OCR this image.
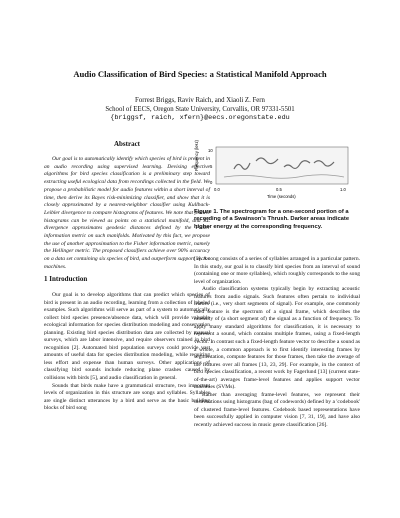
Audio Classification of Bird Species: a Statistical Manifold Approach
Forrest Briggs, Raviv Raich, and Xiaoli Z. Fern
School of EECS, Oregon State University, Corvallis, OR 97331-5501
{briggsf, raich, xfern}@eecs.oregonstate.edu
Abstract

Our goal is to automatically identify which species of bird is present in an audio recording using supervised learning. Devising effective algorithms for bird species classification is a preliminary step toward extracting useful ecological data from recordings collected in the field. We propose a probabilistic model for audio features within a short interval of time, then derive its Bayes risk-minimizing classifier, and show that it is closely approximated by a nearest-neighbor classifier using Kullback-Leibler divergence to compare histograms of features. We note that feature histograms can be viewed as points on a statistical manifold, and KL divergence approximates geodesic distances defined by the Fisher information metric on such manifolds. Motivated by this fact, we propose the use of another approximation to the Fisher information metric, namely the Hellinger metric. The proposed classifiers achieve over 90% accuracy on a data set containing six species of bird, and outperform support vector machines.

1 Introduction

Our goal is to develop algorithms that can predict which species of bird is present in an audio recording, learning from a collection of labeled examples. Such algorithms will serve as part of a system to automatically collect bird species presence/absence data, which will provide valuable ecological information for species distribution modeling and conservation planning. Existing bird species distribution data are collected by manual surveys, which are labor intensive, and require observers trained in bird recognition [2]. Automated bird population surveys could provide vast amounts of useful data for species distribution modeling, while requiring less effort and expense than human surveys. Other applications of classifying bird sounds include reducing plane crashes caused by collisions with birds [5], and audio classification in general.

Sounds that birds make have a grammatical structure, two important levels of organization in this structure are songs and syllables. Syllables are single distinct utterances by a bird and serve as the basic building blocks of bird song

Frequency (kHz) 10
5
0
0.0	0.5	1.0
Time (seconds)
Figure 1. The spectrogram for a one-second portion of a recording of a Swainson's Thrush. Darker areas indicate higher energy at the corresponding frequency.

[3]. A song consists of a series of syllables arranged in a particular pattern. In this study, our goal is to classify bird species from an interval of sound (containing one or more syllables), which roughly corresponds to the song level of organization.

Audio classification systems typically begin by extracting acoustic features from audio signals. Such features often pertain to individual frames (i.e., very short segments of signal). For example, one commonly used feature is the spectrum of a signal frame, which describes the intensity of (a short segment of) the signal as a function of frequency. To apply many standard algorithms for classification, it is necessary to represent a sound, which contains multiple frames, using a fixed-length vector. In contrast such a fixed-length feature vector to describe a sound as a whole, a common approach is to first identify interesting frames by segmentation, compute features for those frames, then take the average of the features over all frames [13, 23, 29]. For example, in the context of bird species classification, a recent work by Fagerlund [13] (current state-of-the-art) averages frame-level features and applies support vector machines (SVMs).

Rather than averaging frame-level features, we represent their distributions using histograms (bag of codewords) defined by a 'codebook' of clustered frame-level features. Codebook based representations have been successfully applied in computer vision [7, 31, 19], and have also recently achieved success in music genre classification [26].
